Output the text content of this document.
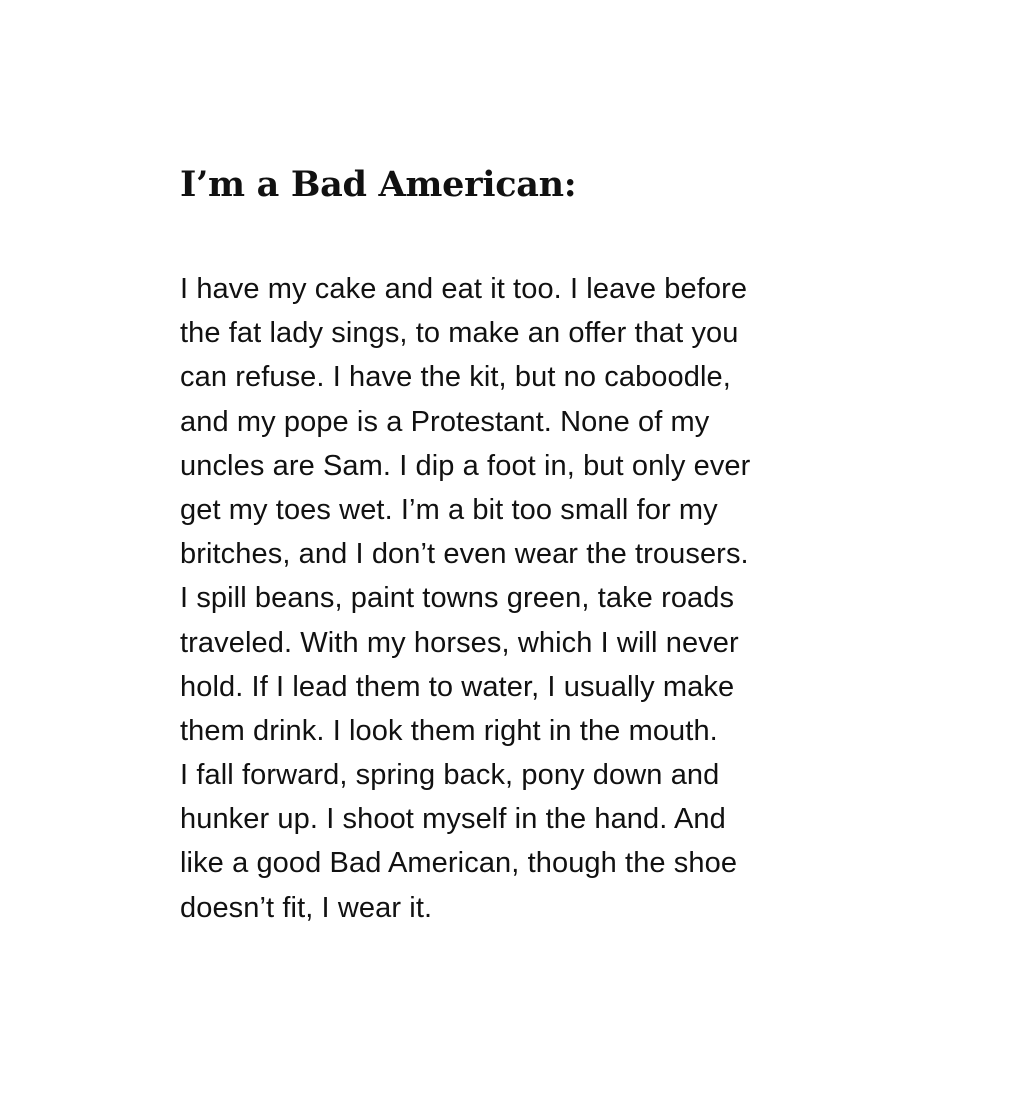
I’m a Bad American:
I have my cake and eat it too. I leave before
the fat lady sings, to make an offer that you
can refuse. I have the kit, but no caboodle,
and my pope is a Protestant. None of my
uncles are Sam. I dip a foot in, but only ever
get my toes wet. I’m a bit too small for my
britches, and I don’t even wear the trousers.
I spill beans, paint towns green, take roads
traveled. With my horses, which I will never
hold. If I lead them to water, I usually make
them drink. I look them right in the mouth.
I fall forward, spring back, pony down and
hunker up. I shoot myself in the hand. And
like a good Bad American, though the shoe
doesn’t fit, I wear it.
